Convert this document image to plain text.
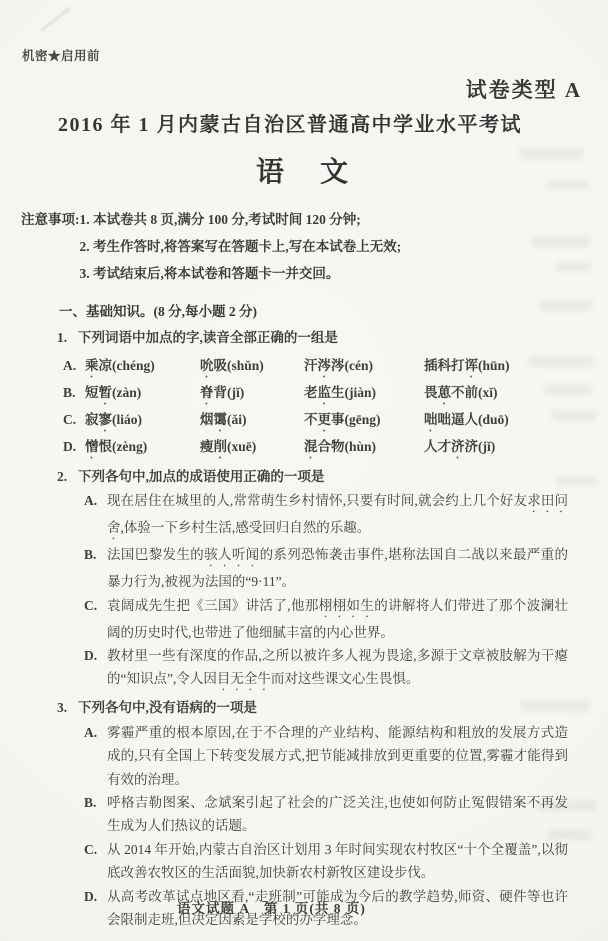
机密★启用前
试卷类型 A
2016 年 1 月内蒙古自治区普通高中学业水平考试
语　文
注意事项: 1. 本试卷共 8 页,满分 100 分,考试时间 120 分钟;
2. 考生作答时,将答案写在答题卡上,写在本试卷上无效;
3. 考试结束后,将本试卷和答题卡一并交回。
一、基础知识。(8 分,每小题 2 分)
1. 下列词语中加点的字,读音全部正确的一组是
A. 乘凉(chéng)	吮吸(shǔn)	汗涔涔(cén)	插科打诨(hūn)
B. 短暂(zàn)	脊背(jǐ)	老监生(jiàn)	畏葸不前(xǐ)
C. 寂寥(liáo)	烟霭(ǎi)	不更事(gēng)	咄咄逼人(duō)
D. 憎恨(zèng)	瘦削(xuē)	混合物(hùn)	人才济济(jǐ)
2. 下列各句中,加点的成语使用正确的一项是
A. 现在居住在城里的人,常常萌生乡村情怀,只要有时间,就会约上几个好友求田问舍,体验一下乡村生活,感受回归自然的乐趣。
B. 法国巴黎发生的骇人听闻的系列恐怖袭击事件,堪称法国自二战以来最严重的暴力行为,被视为法国的“9·11”。
C. 袁阔成先生把《三国》讲活了,他那栩栩如生的讲解将人们带进了那个波澜壮阔的历史时代,也带进了他细腻丰富的内心世界。
D. 教材里一些有深度的作品,之所以被许多人视为畏途,多源于文章被肢解为干瘪的“知识点”,令人因目无全牛而对这些课文心生畏惧。
3. 下列各句中,没有语病的一项是
A. 雾霾严重的根本原因,在于不合理的产业结构、能源结构和粗放的发展方式造成的,只有全国上下转变发展方式,把节能减排放到更重要的位置,雾霾才能得到有效的治理。
B. 呼格吉勒图案、念斌案引起了社会的广泛关注,也使如何防止冤假错案不再发生成为人们热议的话题。
C. 从 2014 年开始,内蒙古自治区计划用 3 年时间实现农村牧区“十个全覆盖”,以彻底改善农牧区的生活面貌,加快新农村新牧区建设步伐。
D. 从高考改革试点地区看,“走班制”可能成为今后的教学趋势,师资、硬件等也许会限制走班,但决定因素是学校的办学理念。
语文试题 A　第 1 页(共 8 页)
